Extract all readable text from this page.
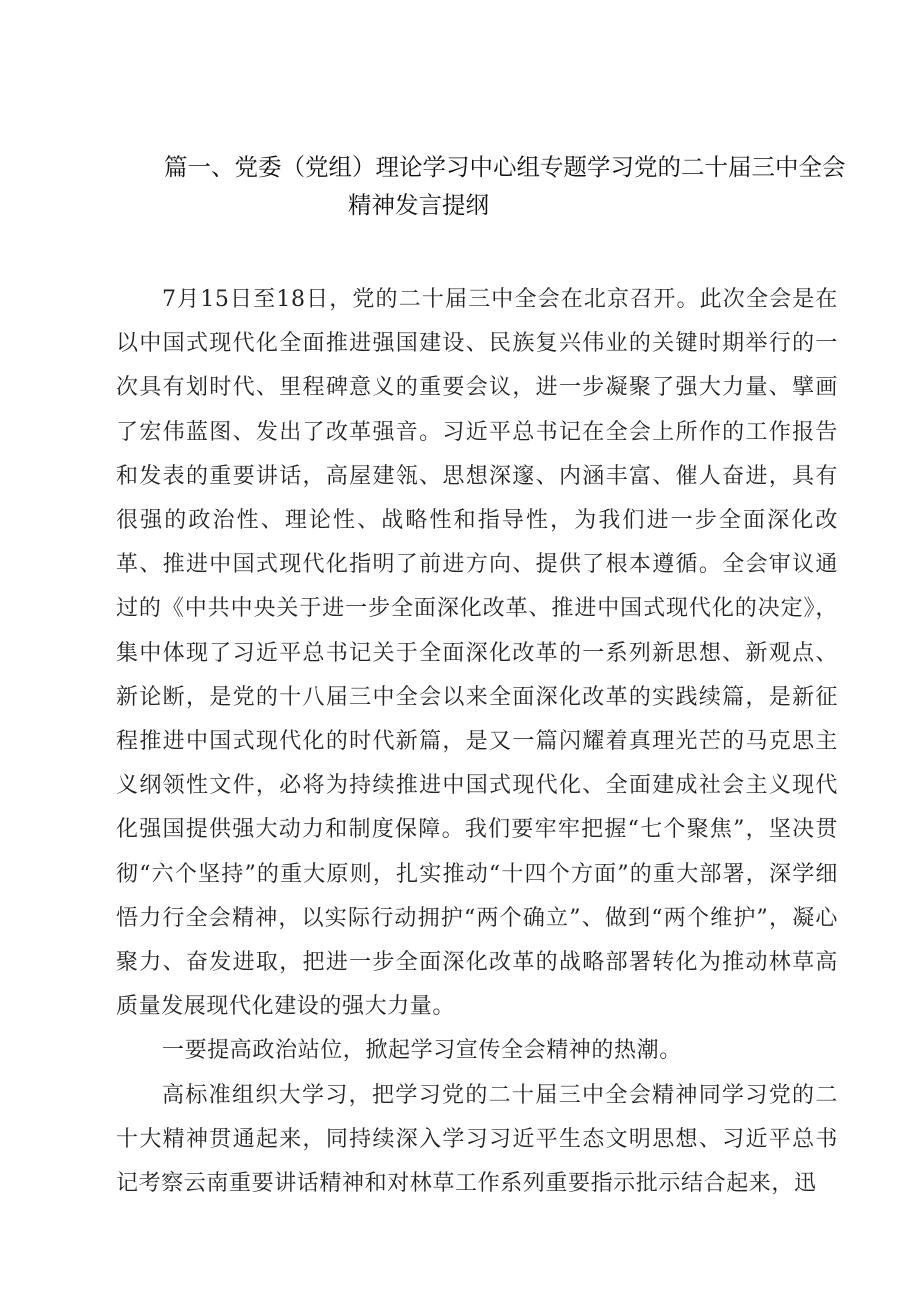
篇一、党委（党组）理论学习中心组专题学习党的二十届三中全会
精神发言提纲

7月15日至18日，党的二十届三中全会在北京召开。此次全会是在以中国式现代化全面推进强国建设、民族复兴伟业的关键时期举行的一次具有划时代、里程碑意义的重要会议，进一步凝聚了强大力量、擘画了宏伟蓝图、发出了改革强音。习近平总书记在全会上所作的工作报告和发表的重要讲话，高屋建瓴、思想深邃、内涵丰富、催人奋进，具有很强的政治性、理论性、战略性和指导性，为我们进一步全面深化改革、推进中国式现代化指明了前进方向、提供了根本遵循。全会审议通过的《中共中央关于进一步全面深化改革、推进中国式现代化的决定》，集中体现了习近平总书记关于全面深化改革的一系列新思想、新观点、新论断，是党的十八届三中全会以来全面深化改革的实践续篇，是新征程推进中国式现代化的时代新篇，是又一篇闪耀着真理光芒的马克思主义纲领性文件，必将为持续推进中国式现代化、全面建成社会主义现代化强国提供强大动力和制度保障。我们要牢牢把握“七个聚焦”，坚决贯彻“六个坚持”的重大原则，扎实推动“十四个方面”的重大部署，深学细悟力行全会精神，以实际行动拥护“两个确立”、做到“两个维护”，凝心聚力、奋发进取，把进一步全面深化改革的战略部署转化为推动林草高质量发展现代化建设的强大力量。

一要提高政治站位，掀起学习宣传全会精神的热潮。

高标准组织大学习，把学习党的二十届三中全会精神同学习党的二十大精神贯通起来，同持续深入学习习近平生态文明思想、习近平总书记考察云南重要讲话精神和对林草工作系列重要指示批示结合起来，迅
